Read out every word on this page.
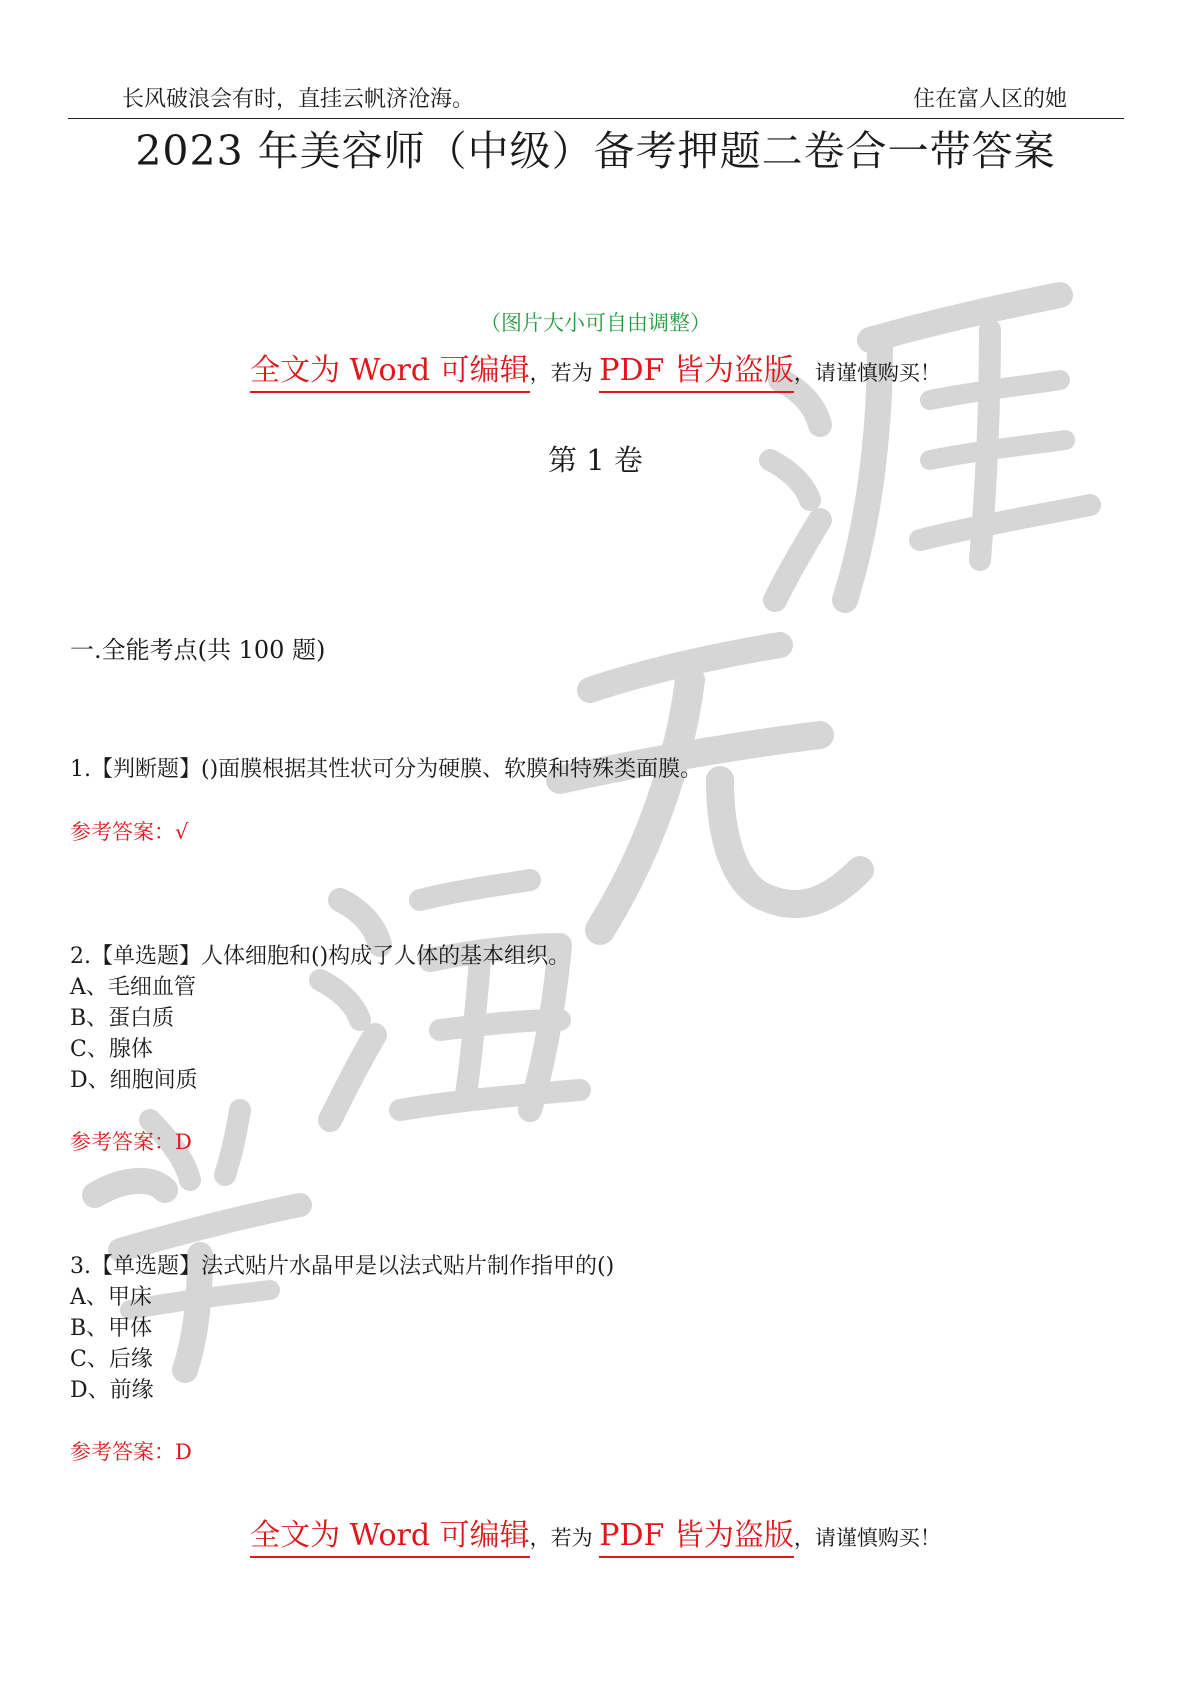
长风破浪会有时，直挂云帆济沧海。	住在富人区的她
2023 年美容师（中级）备考押题二卷合一带答案
（图片大小可自由调整）
全文为 Word 可编辑，若为 PDF 皆为盗版，请谨慎购买！
第 1 卷
一.全能考点(共 100 题)
1.【判断题】()面膜根据其性状可分为硬膜、软膜和特殊类面膜。
参考答案：√
2.【单选题】人体细胞和()构成了人体的基本组织。
A、毛细血管
B、蛋白质
C、腺体
D、细胞间质
参考答案：D
3.【单选题】法式贴片水晶甲是以法式贴片制作指甲的()
A、甲床
B、甲体
C、后缘
D、前缘
参考答案：D
全文为 Word 可编辑，若为 PDF 皆为盗版，请谨慎购买！
